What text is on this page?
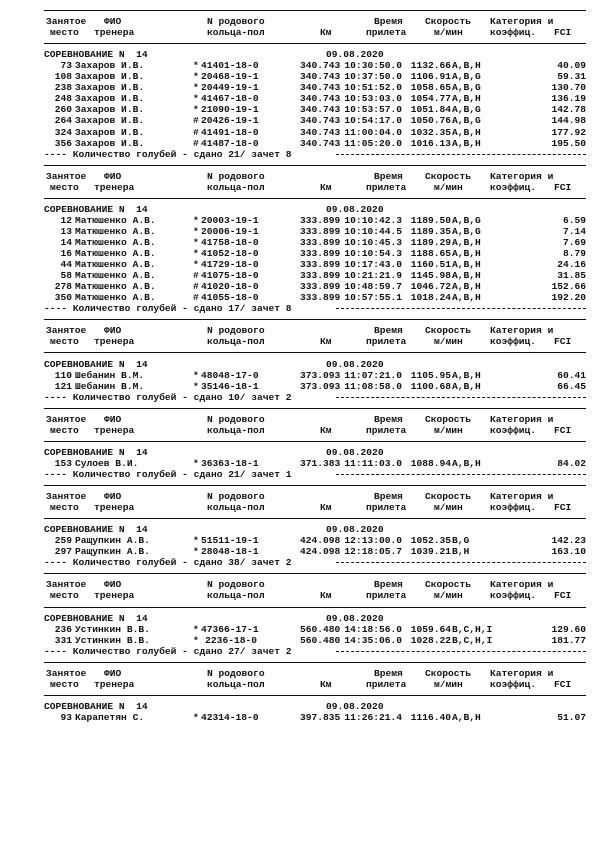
Занятое ФИО	N родового	Время Скорость Категория и
место тренера	кольца-пол	Км	прилета	м/мин	коэффиц. FCI
СОРЕВНОВАНИЕ N  14	09.08.2020
73 Захаров И.В.	* 41401-18-0	340.743 10:30:50.0 1132.66 A,B,H	40.09
108 Захаров И.В.	* 20468-19-1	340.743 10:37:50.0 1106.91 A,B,G	59.31
238 Захаров И.В.	* 20449-19-1	340.743 10:51:52.0 1058.65 A,B,G	130.70
248 Захаров И.В.	* 41467-18-0	340.743 10:53:03.0 1054.77 A,B,H	136.19
260 Захаров И.В.	* 21090-19-1	340.743 10:53:57.0 1051.84 A,B,G	142.78
264 Захаров И.В.	# 20426-19-1	340.743 10:54:17.0 1050.76 A,B,G	144.98
324 Захаров И.В.	# 41491-18-0	340.743 11:00:04.0 1032.35 A,B,H	177.92
356 Захаров И.В.	# 41487-18-0	340.743 11:05:20.0 1016.13 A,B,H	195.50
---- Количество голубей - сдано 21/ зачет 8
Занятое ФИО	N родового	Время Скорость Категория и
место тренера	кольца-пол	Км	прилета	м/мин	коэффиц. FCI
СОРЕВНОВАНИЕ N  14	09.08.2020
12 Матюшенко А.В.	* 20003-19-1	333.899 10:10:42.3 1189.50 A,B,G	6.59
13 Матюшенко А.В.	* 20006-19-1	333.899 10:10:44.5 1189.35 A,B,G	7.14
14 Матюшенко А.В.	* 41758-18-0	333.899 10:10:45.3 1189.29 A,B,H	7.69
16 Матюшенко А.В.	* 41052-18-0	333.899 10:10:54.3 1188.65 A,B,H	8.79
44 Матюшенко А.В.	* 41729-18-0	333.899 10:17:43.0 1160.51 A,B,H	24.16
58 Матюшенко А.В.	# 41075-18-0	333.899 10:21:21.9 1145.98 A,B,H	31.85
278 Матюшенко А.В.	# 41020-18-0	333.899 10:48:59.7 1046.72 A,B,H	152.66
350 Матюшенко А.В.	# 41055-18-0	333.899 10:57:55.1 1018.24 A,B,H	192.20
---- Количество голубей - сдано 17/ зачет 8
Занятое ФИО	N родового	Время Скорость Категория и
место тренера	кольца-пол	Км	прилета	м/мин	коэффиц. FCI
СОРЕВНОВАНИЕ N  14	09.08.2020
110 Шебанин В.М.	* 48048-17-0	373.093 11:07:21.0 1105.95 A,B,H	60.41
121 Шебанин В.М.	* 35146-18-1	373.093 11:08:58.0 1100.68 A,B,H	66.45
---- Количество голубей - сдано 10/ зачет 2
Занятое ФИО	N родового	Время Скорость Категория и
место тренера	кольца-пол	Км	прилета	м/мин	коэффиц. FCI
СОРЕВНОВАНИЕ N  14	09.08.2020
153 Сулоев В.И.	* 36363-18-1	371.383 11:11:03.0 1088.94 A,B,H	84.02
---- Количество голубей - сдано 21/ зачет 1
Занятое ФИО	N родового	Время Скорость Категория и
место тренера	кольца-пол	Км	прилета	м/мин	коэффиц. FCI
СОРЕВНОВАНИЕ N  14	09.08.2020
259 Ращупкин А.В.	* 51511-19-1	424.098 12:13:00.0 1052.35 B,G	142.23
297 Ращупкин А.В.	* 28048-18-1	424.098 12:18:05.7 1039.21 B,H	163.10
---- Количество голубей - сдано 38/ зачет 2
Занятое ФИО	N родового	Время Скорость Категория и
место тренера	кольца-пол	Км	прилета	м/мин	коэффиц. FCI
СОРЕВНОВАНИЕ N  14	09.08.2020
236 Устинкин В.В.	* 47366-17-1	560.480 14:18:56.0 1059.64 B,C,H,I	129.60
331 Устинкин В.В.	* 2236-18-0	560.480 14:35:06.0 1028.22 B,C,H,I	181.77
---- Количество голубей - сдано 27/ зачет 2
Занятое ФИО	N родового	Время Скорость Категория и
место тренера	кольца-пол	Км	прилета	м/мин	коэффиц. FCI
СОРЕВНОВАНИЕ N  14	09.08.2020
93 Карапетян С.	* 42314-18-0	397.835 11:26:21.4 1116.40 A,B,H	51.07
